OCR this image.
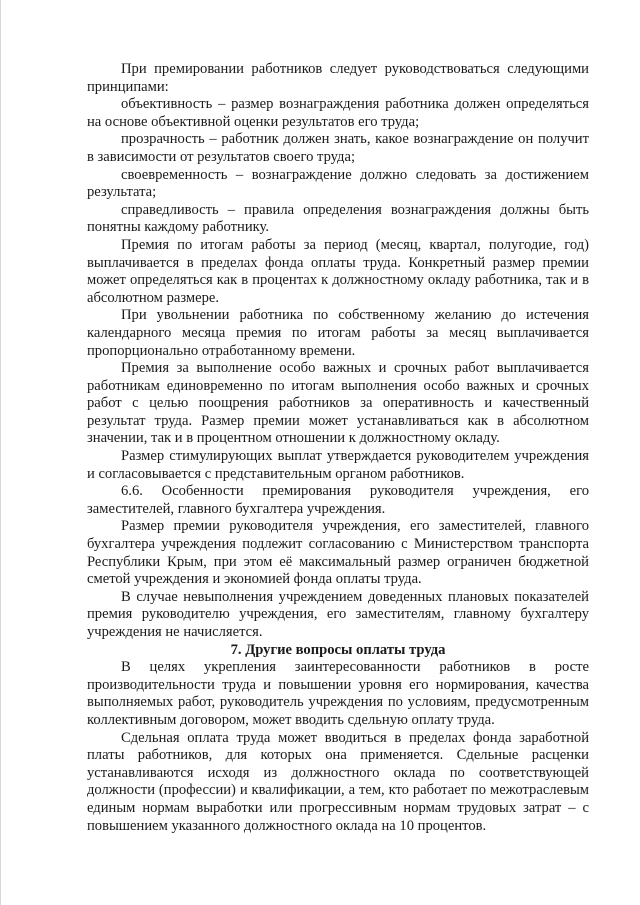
При премировании работников следует руководствоваться следующими принципами:

объективность – размер вознаграждения работника должен определяться на основе объективной оценки результатов его труда;

прозрачность – работник должен знать, какое вознаграждение он получит в зависимости от результатов своего труда;

своевременность – вознаграждение должно следовать за достижением результата;

справедливость – правила определения вознаграждения должны быть понятны каждому работнику.

Премия по итогам работы за период (месяц, квартал, полугодие, год) выплачивается в пределах фонда оплаты труда. Конкретный размер премии может определяться как в процентах к должностному окладу работника, так и в абсолютном размере.

При увольнении работника по собственному желанию до истечения календарного месяца премия по итогам работы за месяц выплачивается пропорционально отработанному времени.

Премия за выполнение особо важных и срочных работ выплачивается работникам единовременно по итогам выполнения особо важных и срочных работ с целью поощрения работников за оперативность и качественный результат труда. Размер премии может устанавливаться как в абсолютном значении, так и в процентном отношении к должностному окладу.

Размер стимулирующих выплат утверждается руководителем учреждения и согласовывается с представительным органом работников.

6.6. Особенности премирования руководителя учреждения, его заместителей, главного бухгалтера учреждения.

Размер премии руководителя учреждения, его заместителей, главного бухгалтера учреждения подлежит согласованию с Министерством транспорта Республики Крым, при этом её максимальный размер ограничен бюджетной сметой учреждения и экономией фонда оплаты труда.

В случае невыполнения учреждением доведенных плановых показателей премия руководителю учреждения, его заместителям, главному бухгалтеру учреждения не начисляется.

7. Другие вопросы оплаты труда

В целях укрепления заинтересованности работников в росте производительности труда и повышении уровня его нормирования, качества выполняемых работ, руководитель учреждения по условиям, предусмотренным коллективным договором, может вводить сдельную оплату труда.

Сдельная оплата труда может вводиться в пределах фонда заработной платы работников, для которых она применяется. Сдельные расценки устанавливаются исходя из должностного оклада по соответствующей должности (профессии) и квалификации, а тем, кто работает по межотраслевым единым нормам выработки или прогрессивным нормам трудовых затрат – с повышением указанного должностного оклада на 10 процентов.
